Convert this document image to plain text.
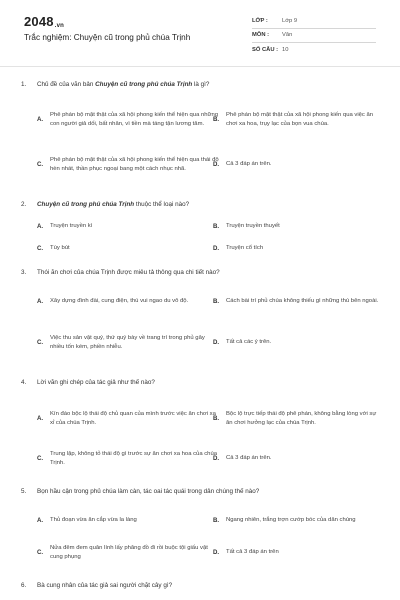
2048.vn
Trắc nghiệm: Chuyện cũ trong phủ chúa Trịnh
LỚP :	Lớp 9
MÔN :	Văn
SỐ CÂU : 10
1.	Chủ đề của văn bản Chuyện cũ trong phủ chúa Trịnh là gì?
A.
Phê phán bộ mặt thật của xã hội phong kiến thể hiện qua những con người giả dối, bất nhân, vì tiền mà táng tận lương tâm.
B.
Phê phán bộ mặt thật của xã hội phong kiến qua việc ăn chơi xa hoa, trụy lạc của bọn vua chúa.
C.
Phê phán bộ mặt thật của xã hội phong kiến thể hiện qua thái độ hèn nhát, thần phục ngoại bang một cách nhục nhã.
D.	Cả 3 đáp án trên.
2.	Chuyện cũ trong phủ chúa Trịnh thuộc thể loại nào?
A.	Truyện truyền kì	B.	Truyện truyền thuyết
C.	Tùy bút	D.	Truyện cổ tích
3.	Thói ăn chơi của chúa Trịnh được miêu tả thông qua chi tiết nào?
A.	Xây dựng đình đài, cung điện, thú vui ngao du vô độ.	B.	Cách bài trí phủ chúa không thiếu gì những thú bên ngoài.
C.
Việc thu sản vật quý, thứ quý bày về trang trí trong phủ gây nhiều tốn kém, phiền nhiễu.
D.	Tất cả các ý trên.
4.	Lời văn ghi chép của tác giả như thế nào?
A.
Kín đáo bộc lộ thái độ chủ quan của mình trước việc ăn chơi xa xỉ của chúa Trịnh.
B.
Bộc lộ trực tiếp thái độ phê phán, không bằng lòng với sự ăn chơi hưởng lạc của chúa Trịnh.
C.
Trung lập, không tỏ thái độ gì trước sự ăn chơi xa hoa của chúa Trịnh.
D.	Cả 3 đáp án trên.
5.	Bọn hầu cận trong phủ chúa làm càn, tác oai tác quái trong dân chúng thế nào?
A.	Thủ đoạn vừa ăn cắp vừa la làng	B.	Ngang nhiên, trắng trợn cướp bóc của dân chúng
C.
Nửa đêm đem quân lính lấy phăng đồ đi rồi buộc tội giấu vật cung phụng
D.	Tất cả 3 đáp án trên
6.	Bà cung nhân của tác giả sai người chặt cây gì?
